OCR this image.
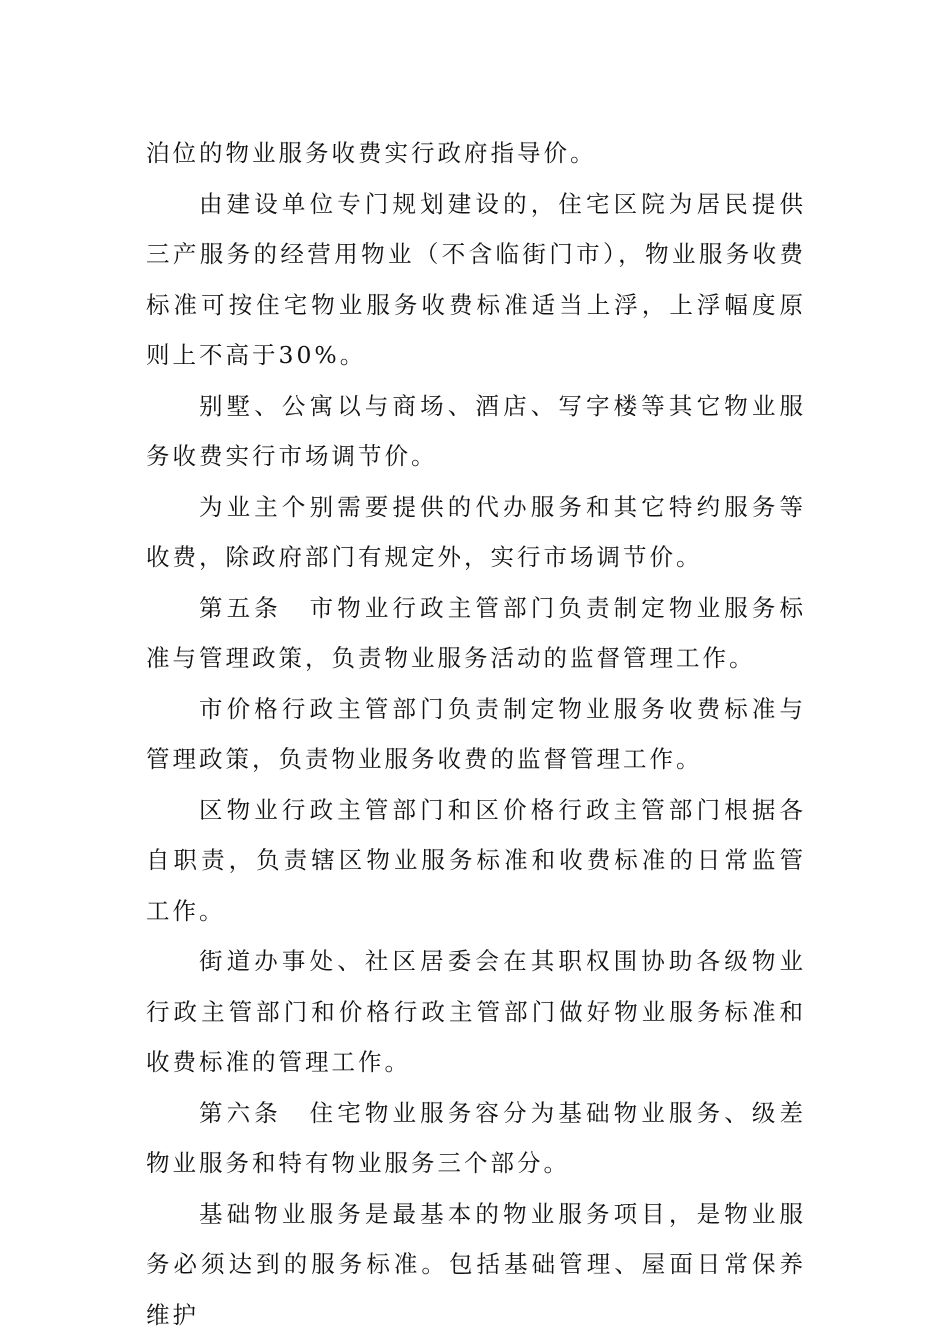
泊位的物业服务收费实行政府指导价。

由建设单位专门规划建设的，住宅区院为居民提供三产服务的经营用物业（不含临街门市），物业服务收费标准可按住宅物业服务收费标准适当上浮，上浮幅度原则上不高于30%。

别墅、公寓以与商场、酒店、写字楼等其它物业服务收费实行市场调节价。

为业主个别需要提供的代办服务和其它特约服务等收费，除政府部门有规定外，实行市场调节价。

第五条　市物业行政主管部门负责制定物业服务标准与管理政策，负责物业服务活动的监督管理工作。

市价格行政主管部门负责制定物业服务收费标准与管理政策，负责物业服务收费的监督管理工作。

区物业行政主管部门和区价格行政主管部门根据各自职责，负责辖区物业服务标准和收费标准的日常监管工作。

街道办事处、社区居委会在其职权围协助各级物业行政主管部门和价格行政主管部门做好物业服务标准和收费标准的管理工作。

第六条　住宅物业服务容分为基础物业服务、级差物业服务和特有物业服务三个部分。

基础物业服务是最基本的物业服务项目，是物业服务必须达到的服务标准。包括基础管理、屋面日常保养维护
